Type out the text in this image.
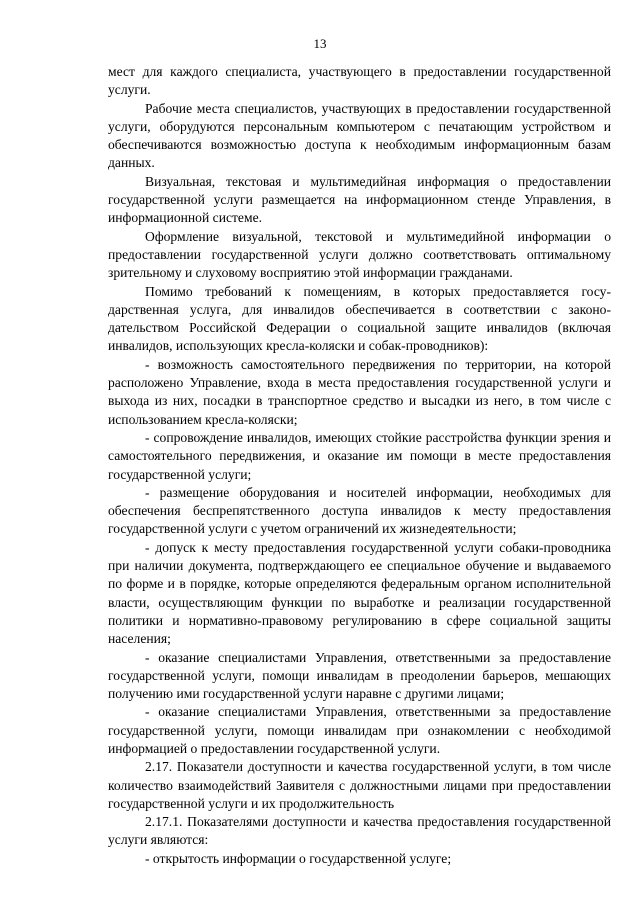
13

мест для каждого специалиста, участвующего в предоставлении государственной услуги.

Рабочие места специалистов, участвующих в предоставлении государственной услуги, оборудуются персональным компьютером с печатающим устройством и обеспечиваются возможностью доступа к необходимым информационным базам данных.

Визуальная, текстовая и мультимедийная информация о предоставлении государственной услуги размещается на информационном стенде Управления, в информационной системе.

Оформление визуальной, текстовой и мультимедийной информации о предоставлении государственной услуги должно соответствовать оптимальному зрительному и слуховому восприятию этой информации гражданами.

Помимо требований к помещениям, в которых предоставляется государственная услуга, для инвалидов обеспечивается в соответствии с законодательством Российской Федерации о социальной защите инвалидов (включая инвалидов, использующих кресла-коляски и собак-проводников):

- возможность самостоятельного передвижения по территории, на которой расположено Управление, входа в места предоставления государственной услуги и выхода из них, посадки в транспортное средство и высадки из него, в том числе с использованием кресла-коляски;

- сопровождение инвалидов, имеющих стойкие расстройства функции зрения и самостоятельного передвижения, и оказание им помощи в месте предоставления государственной услуги;

- размещение оборудования и носителей информации, необходимых для обеспечения беспрепятственного доступа инвалидов к месту предоставления государственной услуги с учетом ограничений их жизнедеятельности;

- допуск к месту предоставления государственной услуги собаки-проводника при наличии документа, подтверждающего ее специальное обучение и выдаваемого по форме и в порядке, которые определяются федеральным органом исполнительной власти, осуществляющим функции по выработке и реализации государственной политики и нормативно-правовому регулированию в сфере социальной защиты населения;

- оказание специалистами Управления, ответственными за предоставление государственной услуги, помощи инвалидам в преодолении барьеров, мешающих получению ими государственной услуги наравне с другими лицами;

- оказание специалистами Управления, ответственными за предоставление государственной услуги, помощи инвалидам при ознакомлении с необходимой информацией о предоставлении государственной услуги.

2.17. Показатели доступности и качества государственной услуги, в том числе количество взаимодействий Заявителя с должностными лицами при предоставлении государственной услуги и их продолжительность

2.17.1. Показателями доступности и качества предоставления государственной услуги являются:

- открытость информации о государственной услуге;
